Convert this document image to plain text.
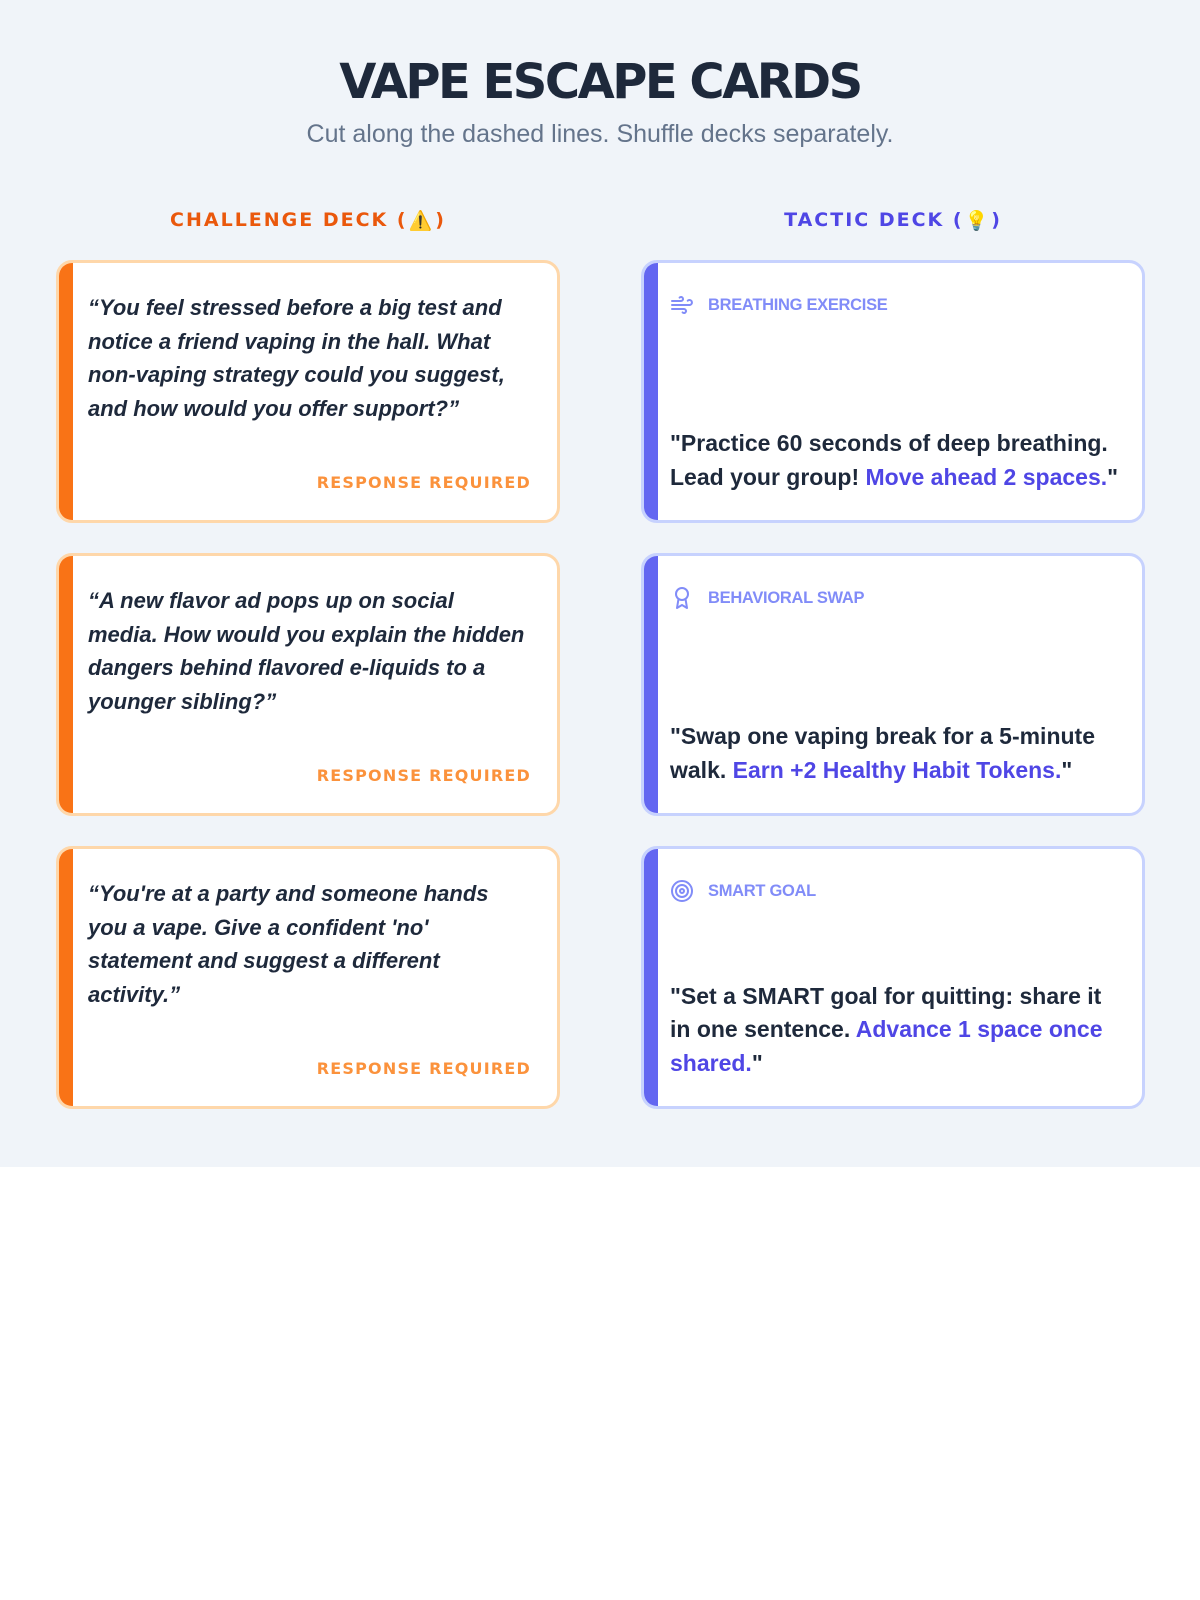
VAPE ESCAPE CARDS

Cut along the dashed lines. Shuffle decks separately.

CHALLENGE DECK (⚠️)	TACTIC DECK (💡)

“You feel stressed before a big test and notice a friend vaping in the hall. What non-vaping strategy could you suggest, and how would you offer support?”

RESPONSE REQUIRED

“A new flavor ad pops up on social media. How would you explain the hidden dangers behind flavored e-liquids to a younger sibling?”

RESPONSE REQUIRED

“You're at a party and someone hands you a vape. Give a confident 'no' statement and suggest a different activity.”

RESPONSE REQUIRED
BREATHING EXERCISE

"Practice 60 seconds of deep breathing. Lead your group! Move ahead 2 spaces."

BEHAVIORAL SWAP

"Swap one vaping break for a 5-minute walk. Earn +2 Healthy Habit Tokens."

SMART GOAL

"Set a SMART goal for quitting: share it in one sentence. Advance 1 space once shared."
